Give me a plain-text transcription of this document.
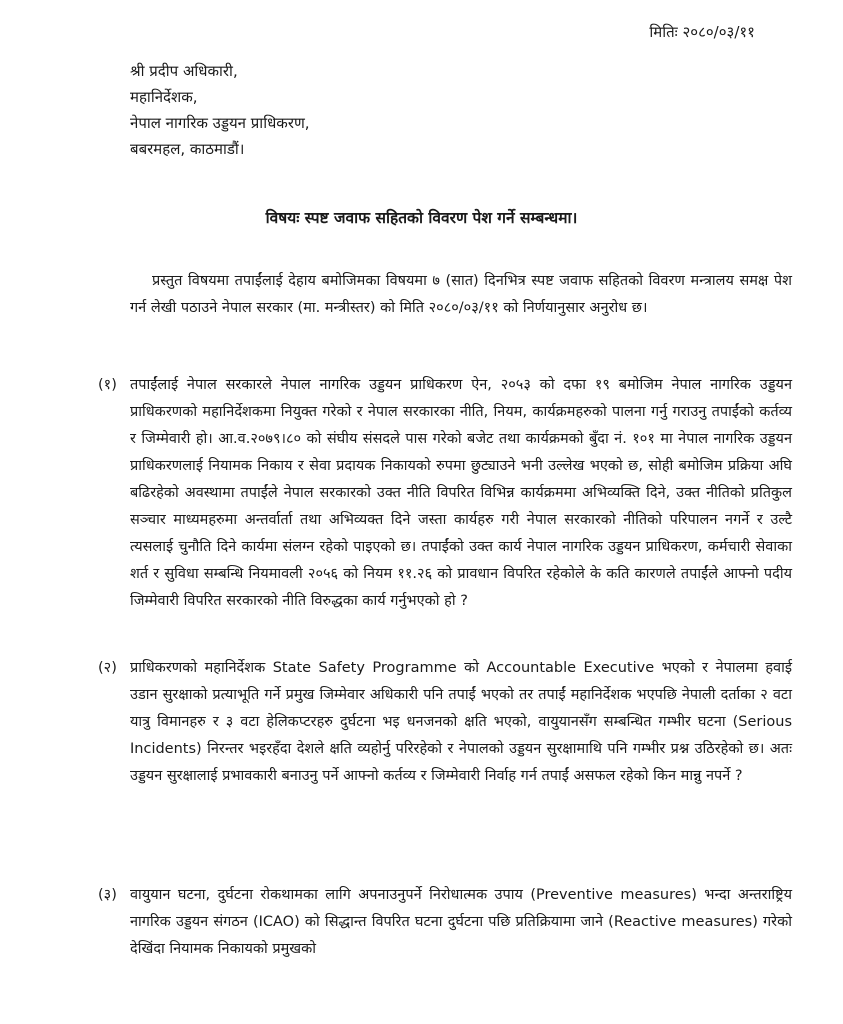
मितिः २०८०/०३/११
श्री प्रदीप अधिकारी,
महानिर्देशक,
नेपाल नागरिक उड्डयन प्राधिकरण,
बबरमहल, काठमाडौं।
विषयः स्पष्ट जवाफ सहितको विवरण पेश गर्ने सम्बन्धमा।
प्रस्तुत विषयमा तपाईंलाई देहाय बमोजिमका विषयमा ७ (सात) दिनभित्र स्पष्ट जवाफ सहितको विवरण मन्त्रालय समक्ष पेश गर्न लेखी पठाउने नेपाल सरकार (मा. मन्त्रीस्तर) को मिति २०८०/०३/११ को निर्णयानुसार अनुरोध छ।
(१) तपाईंलाई नेपाल सरकारले नेपाल नागरिक उड्डयन प्राधिकरण ऐन, २०५३ को दफा १९ बमोजिम नेपाल नागरिक उड्डयन प्राधिकरणको महानिर्देशकमा नियुक्त गरेको र नेपाल सरकारका नीति, नियम, कार्यक्रमहरुको पालना गर्नु गराउनु तपाईंको कर्तव्य र जिम्मेवारी हो। आ.व.२०७९।८० को संघीय संसदले पास गरेको बजेट तथा कार्यक्रमको बुँदा नं. १०१ मा नेपाल नागरिक उड्डयन प्राधिकरणलाई नियामक निकाय र सेवा प्रदायक निकायको रुपमा छुट्याउने भनी उल्लेख भएको छ, सोही बमोजिम प्रक्रिया अघि बढिरहेको अवस्थामा तपाईंले नेपाल सरकारको उक्त नीति विपरित विभिन्न कार्यक्रममा अभिव्यक्ति दिने, उक्त नीतिको प्रतिकुल सञ्चार माध्यमहरुमा अन्तर्वार्ता तथा अभिव्यक्त दिने जस्ता कार्यहरु गरी नेपाल सरकारको नीतिको परिपालन नगर्ने र उल्टै त्यसलाई चुनौति दिने कार्यमा संलग्न रहेको पाइएको छ। तपाईंको उक्त कार्य नेपाल नागरिक उड्डयन प्राधिकरण, कर्मचारी सेवाका शर्त र सुविधा सम्बन्धि नियमावली २०५६ को नियम ११.२६ को प्रावधान विपरित रहेकोले के कति कारणले तपाईंले आफ्नो पदीय जिम्मेवारी विपरित सरकारको नीति विरुद्धका कार्य गर्नुभएको हो ?
(२) प्राधिकरणको महानिर्देशक State Safety Programme को Accountable Executive भएको र नेपालमा हवाई उडान सुरक्षाको प्रत्याभूति गर्ने प्रमुख जिम्मेवार अधिकारी पनि तपाईं भएको तर तपाईं महानिर्देशक भएपछि नेपाली दर्ताका २ वटा यात्रु विमानहरु र ३ वटा हेलिकप्टरहरु दुर्घटना भइ धनजनको क्षति भएको, वायुयानसँग सम्बन्धित गम्भीर घटना (Serious Incidents) निरन्तर भइरहँदा देशले क्षति व्यहोर्नु परिरहेको र नेपालको उड्डयन सुरक्षामाथि पनि गम्भीर प्रश्न उठिरहेको छ। अतः उड्डयन सुरक्षालाई प्रभावकारी बनाउनु पर्ने आफ्नो कर्तव्य र जिम्मेवारी निर्वाह गर्न तपाईं असफल रहेको किन मान्नु नपर्ने ?
(३) वायुयान घटना, दुर्घटना रोकथामका लागि अपनाउनुपर्ने निरोधात्मक उपाय (Preventive measures) भन्दा अन्तराष्ट्रिय नागरिक उड्डयन संगठन (ICAO) को सिद्धान्त विपरित घटना दुर्घटना पछि प्रतिक्रियामा जाने (Reactive measures) गरेको देखिंदा नियामक निकायको प्रमुखको
